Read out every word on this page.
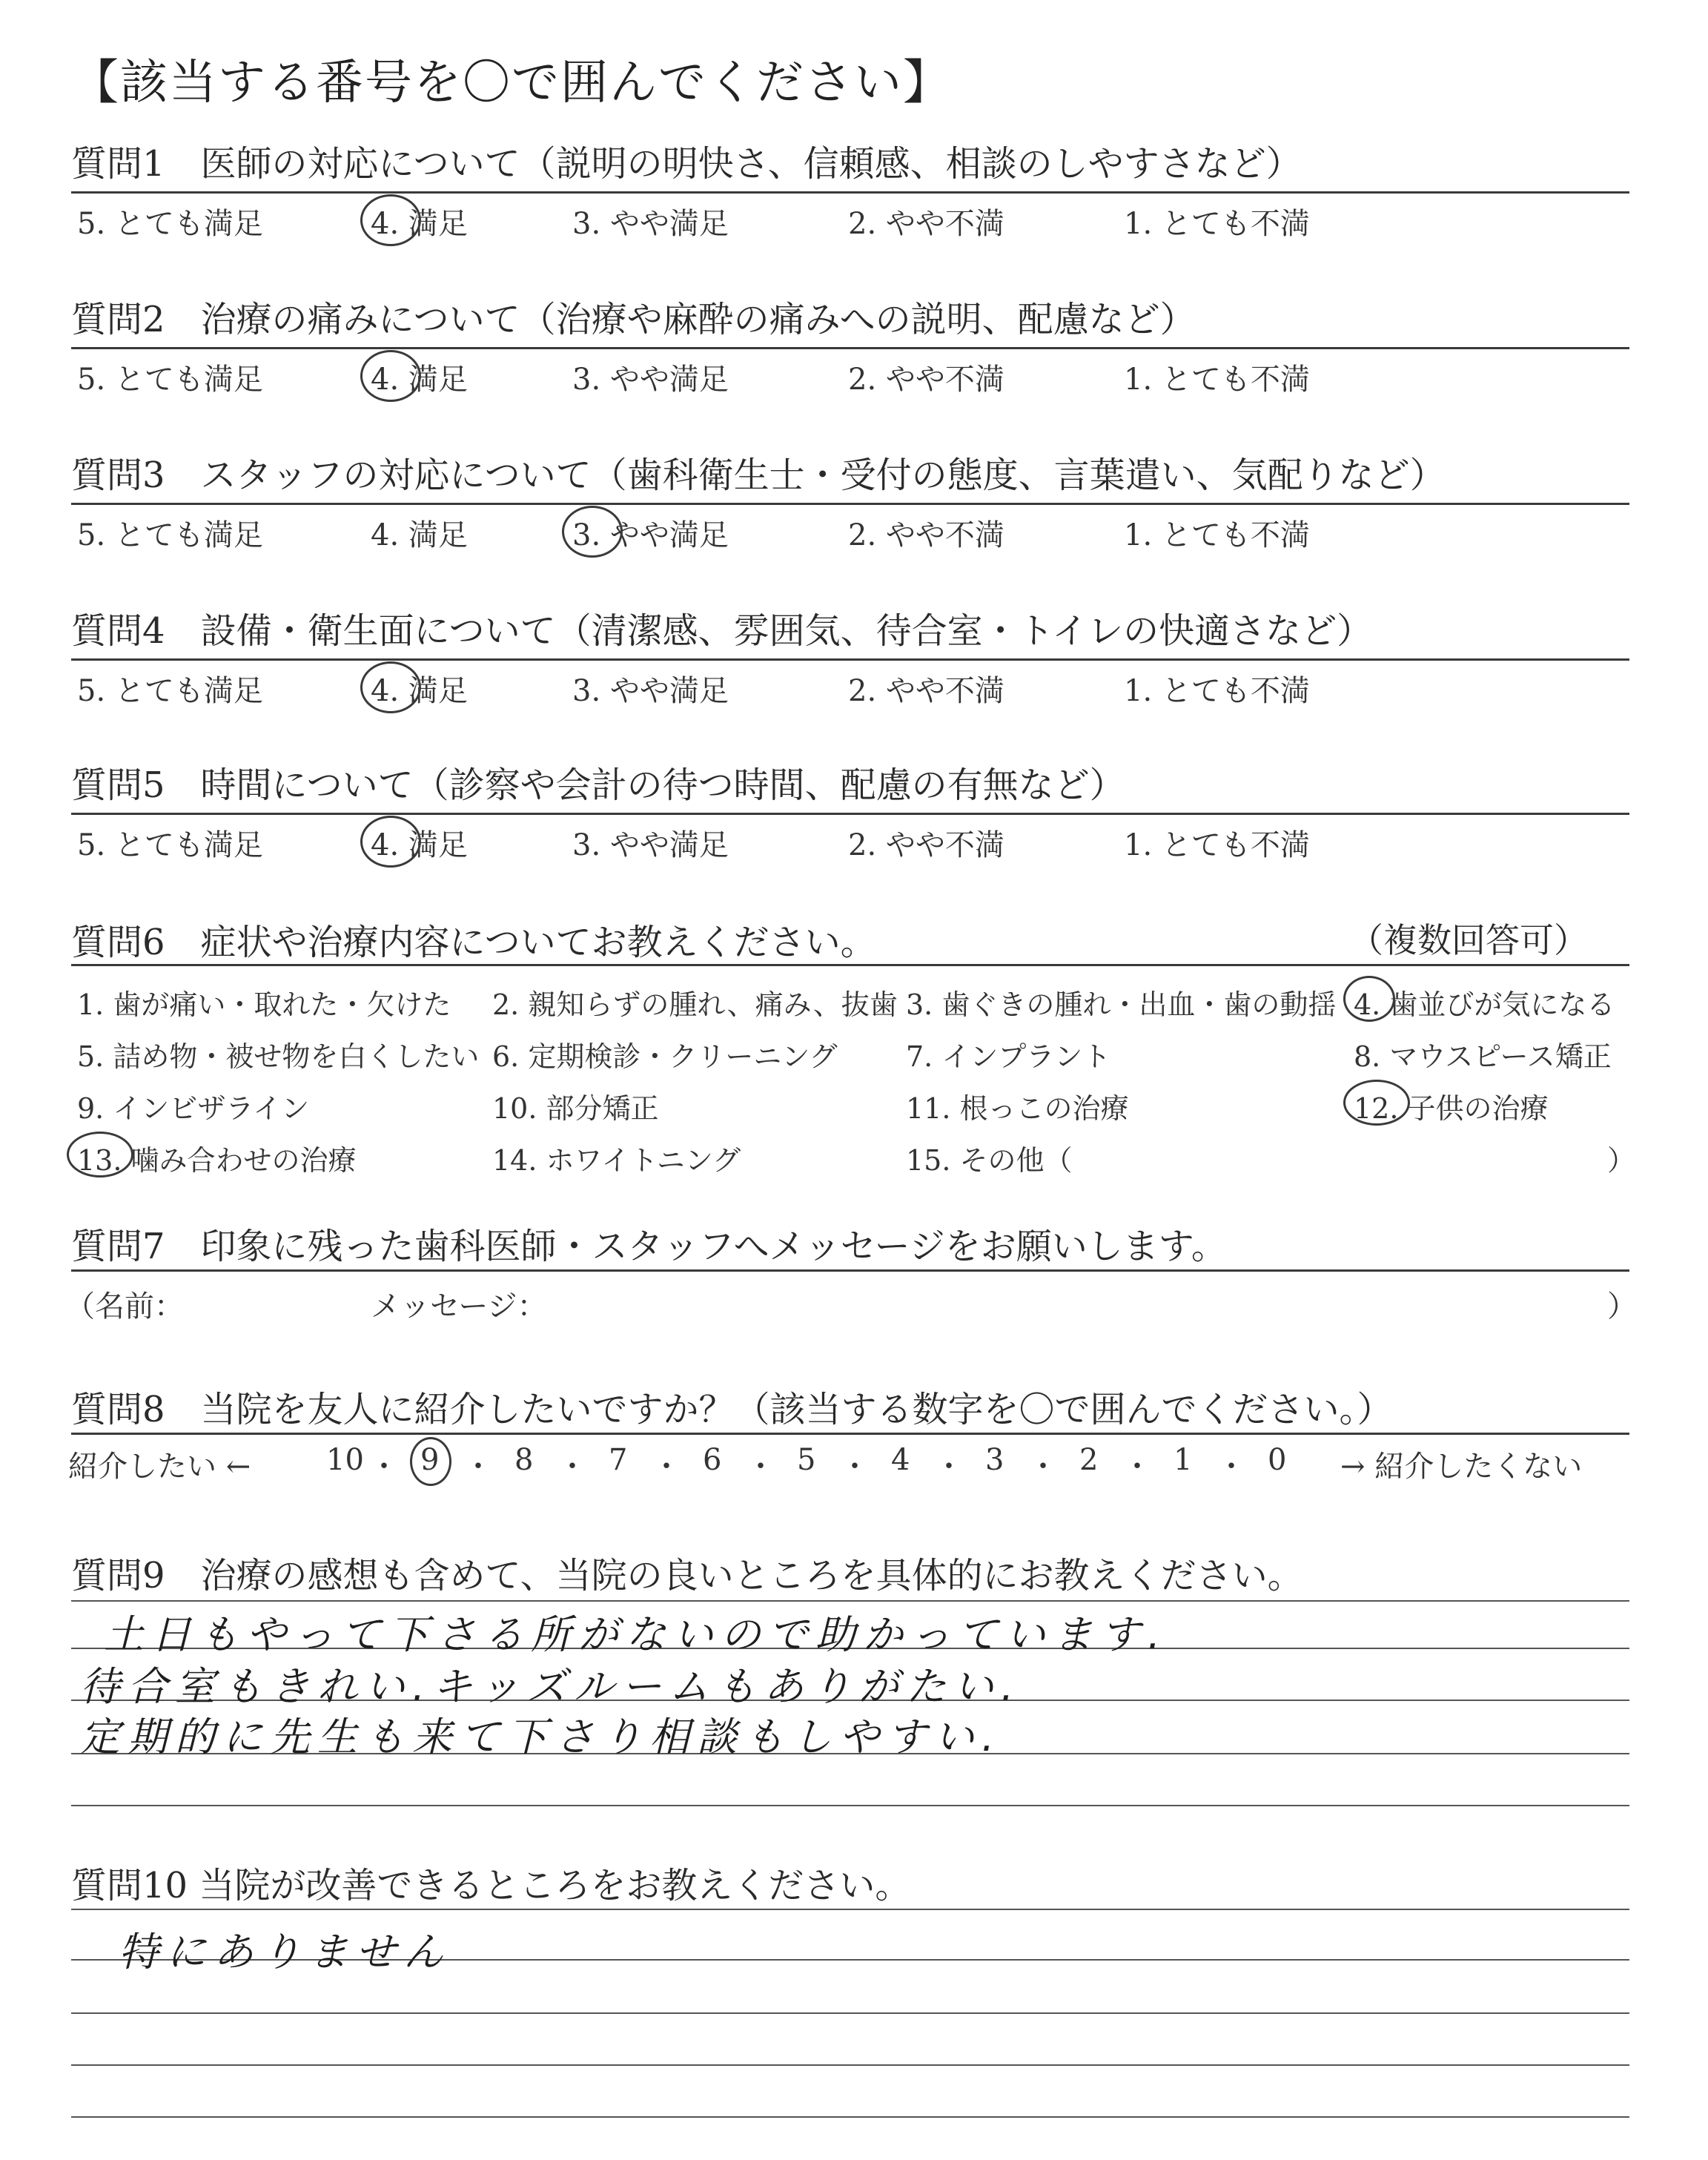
【該当する番号を〇で囲んでください】
質問1　医師の対応について（説明の明快さ、信頼感、相談のしやすさなど）
5. とても満足	4. 満足	3. やや満足	2. やや不満	1. とても不満
質問2　治療の痛みについて（治療や麻酔の痛みへの説明、配慮など）
5. とても満足	4. 満足	3. やや満足	2. やや不満	1. とても不満
質問3　スタッフの対応について（歯科衛生士・受付の態度、言葉遣い、気配りなど）
5. とても満足	4. 満足	3. やや満足	2. やや不満	1. とても不満
質問4　設備・衛生面について（清潔感、雰囲気、待合室・トイレの快適さなど）
5. とても満足	4. 満足	3. やや満足	2. やや不満	1. とても不満
質問5　時間について（診察や会計の待つ時間、配慮の有無など）
5. とても満足	4. 満足	3. やや満足	2. やや不満	1. とても不満
質問6　症状や治療内容についてお教えください。	（複数回答可）
1. 歯が痛い・取れた・欠けた 2. 親知らずの腫れ、痛み、抜歯 3. 歯ぐきの腫れ・出血・歯の動揺 4. 歯並びが気になる
5. 詰め物・被せ物を白くしたい 6. 定期検診・クリーニング 7. インプラント	8. マウスピース矯正
9. インビザライン	10. 部分矯正	11. 根っこの治療	12. 子供の治療
13. 噛み合わせの治療	14. ホワイトニング	15. その他（	）
質問7　印象に残った歯科医師・スタッフへメッセージをお願いします。
（名前：	メッセージ：	）
質問8　当院を友人に紹介したいですか？（該当する数字を〇で囲んでください。）
紹介したい ←	10 ・ 9 ・ 8 ・ 7 ・ 6 ・ 5 ・ 4 ・ 3 ・ 2 ・ 1 ・ 0 → 紹介したくない
質問9　治療の感想も含めて、当院の良いところを具体的にお教えください。
土日もやって下さる所がないので助かっています.
待合室もきれい.キッズルームもありがたい.
定期的に先生も来て下さり相談もしやすい.
質問10 当院が改善できるところをお教えください。
特にありません
